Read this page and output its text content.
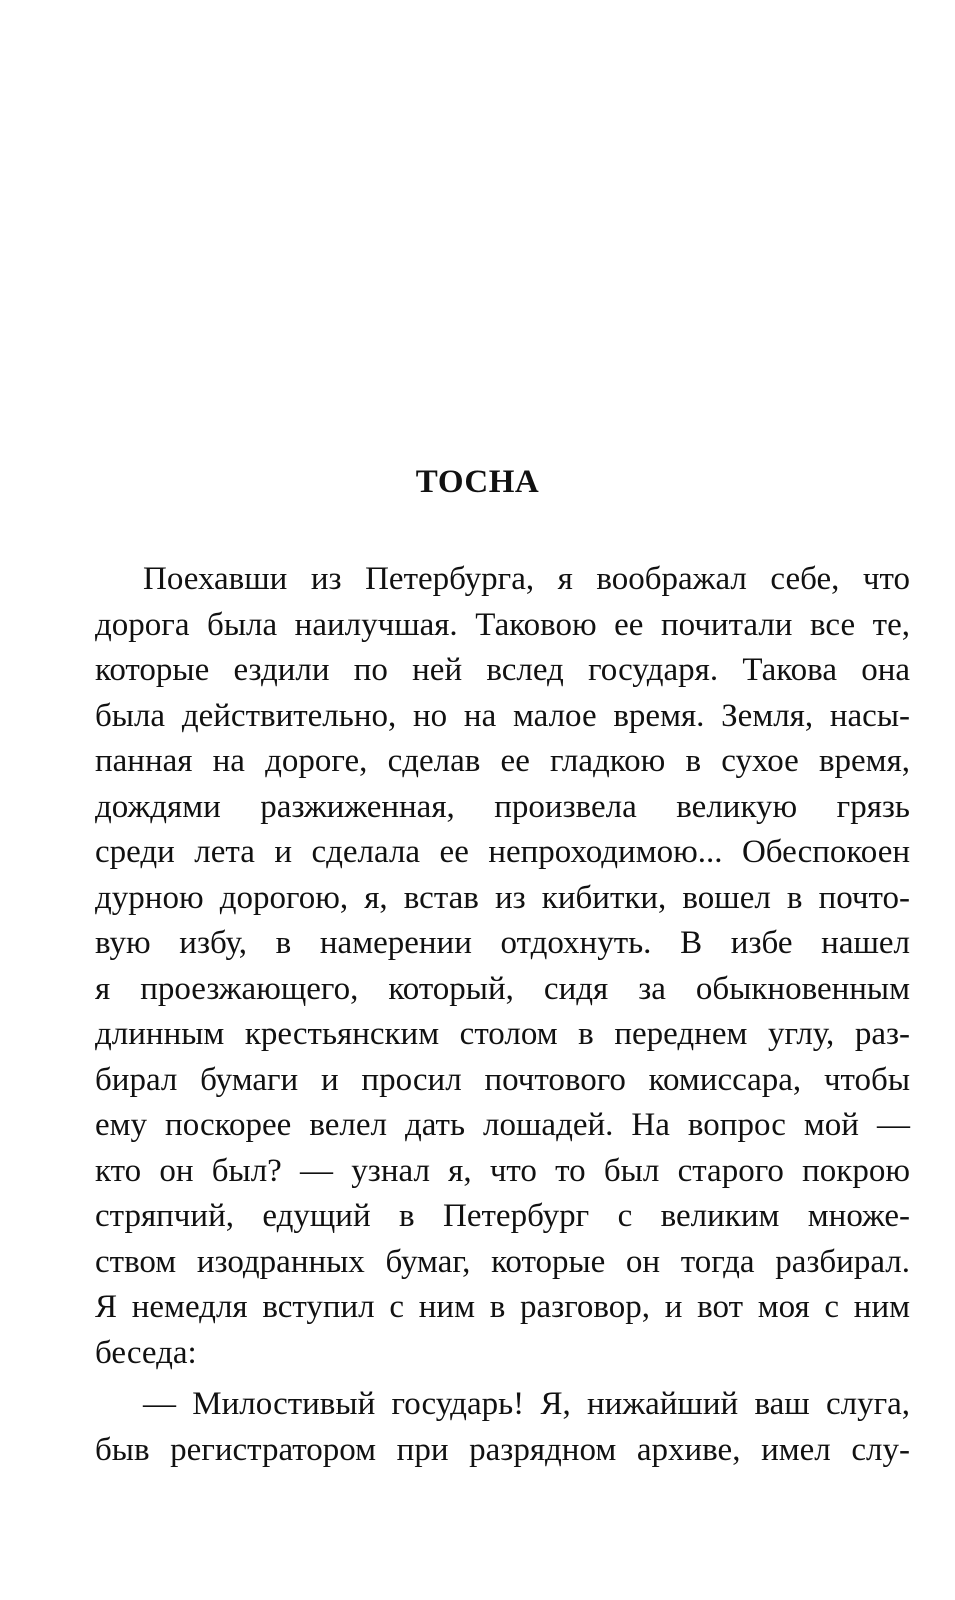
ТОСНА
Поехавши из Петербурга, я воображал себе, что
дорога была наилучшая. Таковою ее почитали все те,
которые ездили по ней вслед государя. Такова она
была действительно, но на малое время. Земля, насы-
панная на дороге, сделав ее гладкою в сухое время,
дождями разжиженная, произвела великую грязь
среди лета и сделала ее непроходимою... Обеспокоен
дурною дорогою, я, встав из кибитки, вошел в почто-
вую избу, в намерении отдохнуть. В избе нашел
я проезжающего, который, сидя за обыкновенным
длинным крестьянским столом в переднем углу, раз-
бирал бумаги и просил почтового комиссара, чтобы
ему поскорее велел дать лошадей. На вопрос мой —
кто он был? — узнал я, что то был старого покрою
стряпчий, едущий в Петербург с великим множе-
ством изодранных бумаг, которые он тогда разбирал.
Я немедля вступил с ним в разговор, и вот моя с ним
беседа:
— Милостивый государь! Я, нижайший ваш слуга,
быв регистратором при разрядном архиве, имел слу-
